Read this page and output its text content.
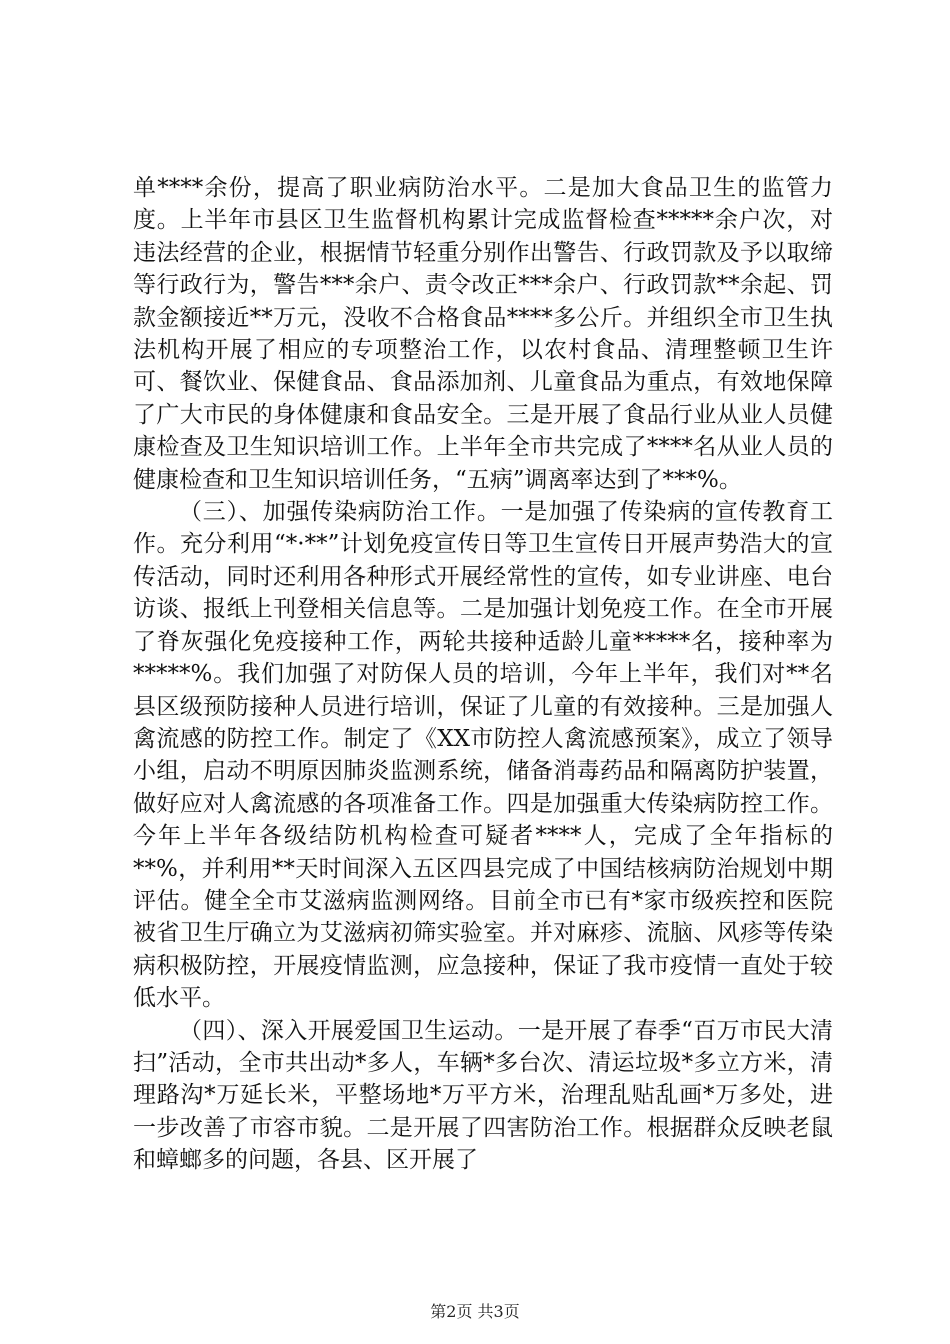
单****余份，提高了职业病防治水平。二是加大食品卫生的监管力度。上半年市县区卫生监督机构累计完成监督检查*****余户次，对违法经营的企业，根据情节轻重分别作出警告、行政罚款及予以取缔等行政行为，警告***余户、责令改正***余户、行政罚款**余起、罚款金额接近**万元，没收不合格食品****多公斤。并组织全市卫生执法机构开展了相应的专项整治工作，以农村食品、清理整顿卫生许可、餐饮业、保健食品、食品添加剂、儿童食品为重点，有效地保障了广大市民的身体健康和食品安全。三是开展了食品行业从业人员健康检查及卫生知识培训工作。上半年全市共完成了****名从业人员的健康检查和卫生知识培训任务，“五病”调离率达到了***%。

（三）、加强传染病防治工作。一是加强了传染病的宣传教育工作。充分利用“*·**”计划免疫宣传日等卫生宣传日开展声势浩大的宣传活动，同时还利用各种形式开展经常性的宣传，如专业讲座、电台访谈、报纸上刊登相关信息等。二是加强计划免疫工作。在全市开展了脊灰强化免疫接种工作，两轮共接种适龄儿童*****名，接种率为*****%。我们加强了对防保人员的培训，今年上半年，我们对**名县区级预防接种人员进行培训，保证了儿童的有效接种。三是加强人禽流感的防控工作。制定了《XX市防控人禽流感预案》，成立了领导小组，启动不明原因肺炎监测系统，储备消毒药品和隔离防护装置，做好应对人禽流感的各项准备工作。四是加强重大传染病防控工作。今年上半年各级结防机构检查可疑者****人，完成了全年指标的**%，并利用**天时间深入五区四县完成了中国结核病防治规划中期评估。健全全市艾滋病监测网络。目前全市已有*家市级疾控和医院被省卫生厅确立为艾滋病初筛实验室。并对麻疹、流脑、风疹等传染病积极防控，开展疫情监测，应急接种，保证了我市疫情一直处于较低水平。

（四）、深入开展爱国卫生运动。一是开展了春季“百万市民大清扫”活动，全市共出动*多人，车辆*多台次、清运垃圾*多立方米，清理路沟*万延长米，平整场地*万平方米，治理乱贴乱画*万多处，进一步改善了市容市貌。二是开展了四害防治工作。根据群众反映老鼠和蟑螂多的问题，各县、区开展了

第2页 共3页
